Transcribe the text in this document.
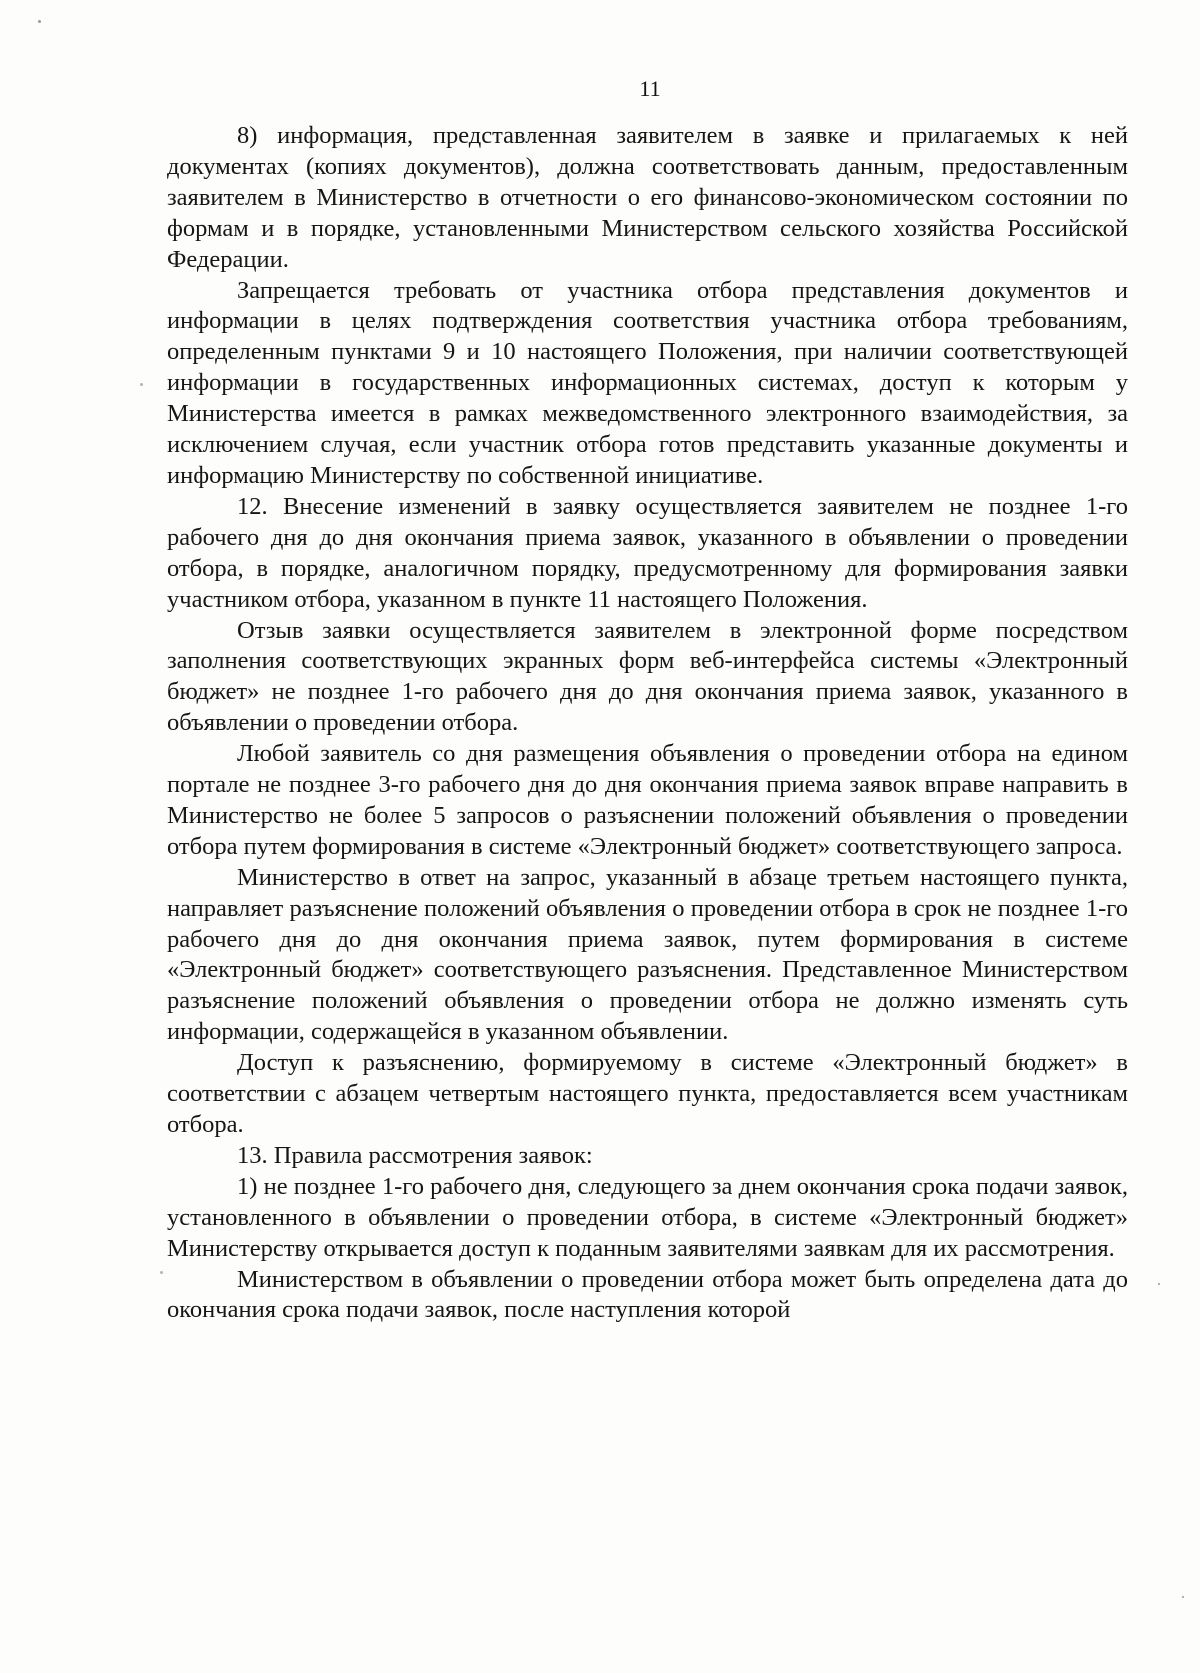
11

8) информация, представленная заявителем в заявке и прилагаемых к ней документах (копиях документов), должна соответствовать данным, предоставленным заявителем в Министерство в отчетности о его финансово-экономическом состоянии по формам и в порядке, установленными Министерством сельского хозяйства Российской Федерации.

Запрещается требовать от участника отбора представления документов и информации в целях подтверждения соответствия участника отбора требованиям, определенным пунктами 9 и 10 настоящего Положения, при наличии соответствующей информации в государственных информационных системах, доступ к которым у Министерства имеется в рамках межведомственного электронного взаимодействия, за исключением случая, если участник отбора готов представить указанные документы и информацию Министерству по собственной инициативе.

12. Внесение изменений в заявку осуществляется заявителем не позднее 1-го рабочего дня до дня окончания приема заявок, указанного в объявлении о проведении отбора, в порядке, аналогичном порядку, предусмотренному для формирования заявки участником отбора, указанном в пункте 11 настоящего Положения.

Отзыв заявки осуществляется заявителем в электронной форме посредством заполнения соответствующих экранных форм веб-интерфейса системы «Электронный бюджет» не позднее 1-го рабочего дня до дня окончания приема заявок, указанного в объявлении о проведении отбора.

Любой заявитель со дня размещения объявления о проведении отбора на едином портале не позднее 3-го рабочего дня до дня окончания приема заявок вправе направить в Министерство не более 5 запросов о разъяснении положений объявления о проведении отбора путем формирования в системе «Электронный бюджет» соответствующего запроса.

Министерство в ответ на запрос, указанный в абзаце третьем настоящего пункта, направляет разъяснение положений объявления о проведении отбора в срок не позднее 1-го рабочего дня до дня окончания приема заявок, путем формирования в системе «Электронный бюджет» соответствующего разъяснения. Представленное Министерством разъяснение положений объявления о проведении отбора не должно изменять суть информации, содержащейся в указанном объявлении.

Доступ к разъяснению, формируемому в системе «Электронный бюджет» в соответствии с абзацем четвертым настоящего пункта, предоставляется всем участникам отбора.

13. Правила рассмотрения заявок:

1) не позднее 1-го рабочего дня, следующего за днем окончания срока подачи заявок, установленного в объявлении о проведении отбора, в системе «Электронный бюджет» Министерству открывается доступ к поданным заявителями заявкам для их рассмотрения.

Министерством в объявлении о проведении отбора может быть определена дата до окончания срока подачи заявок, после наступления которой
